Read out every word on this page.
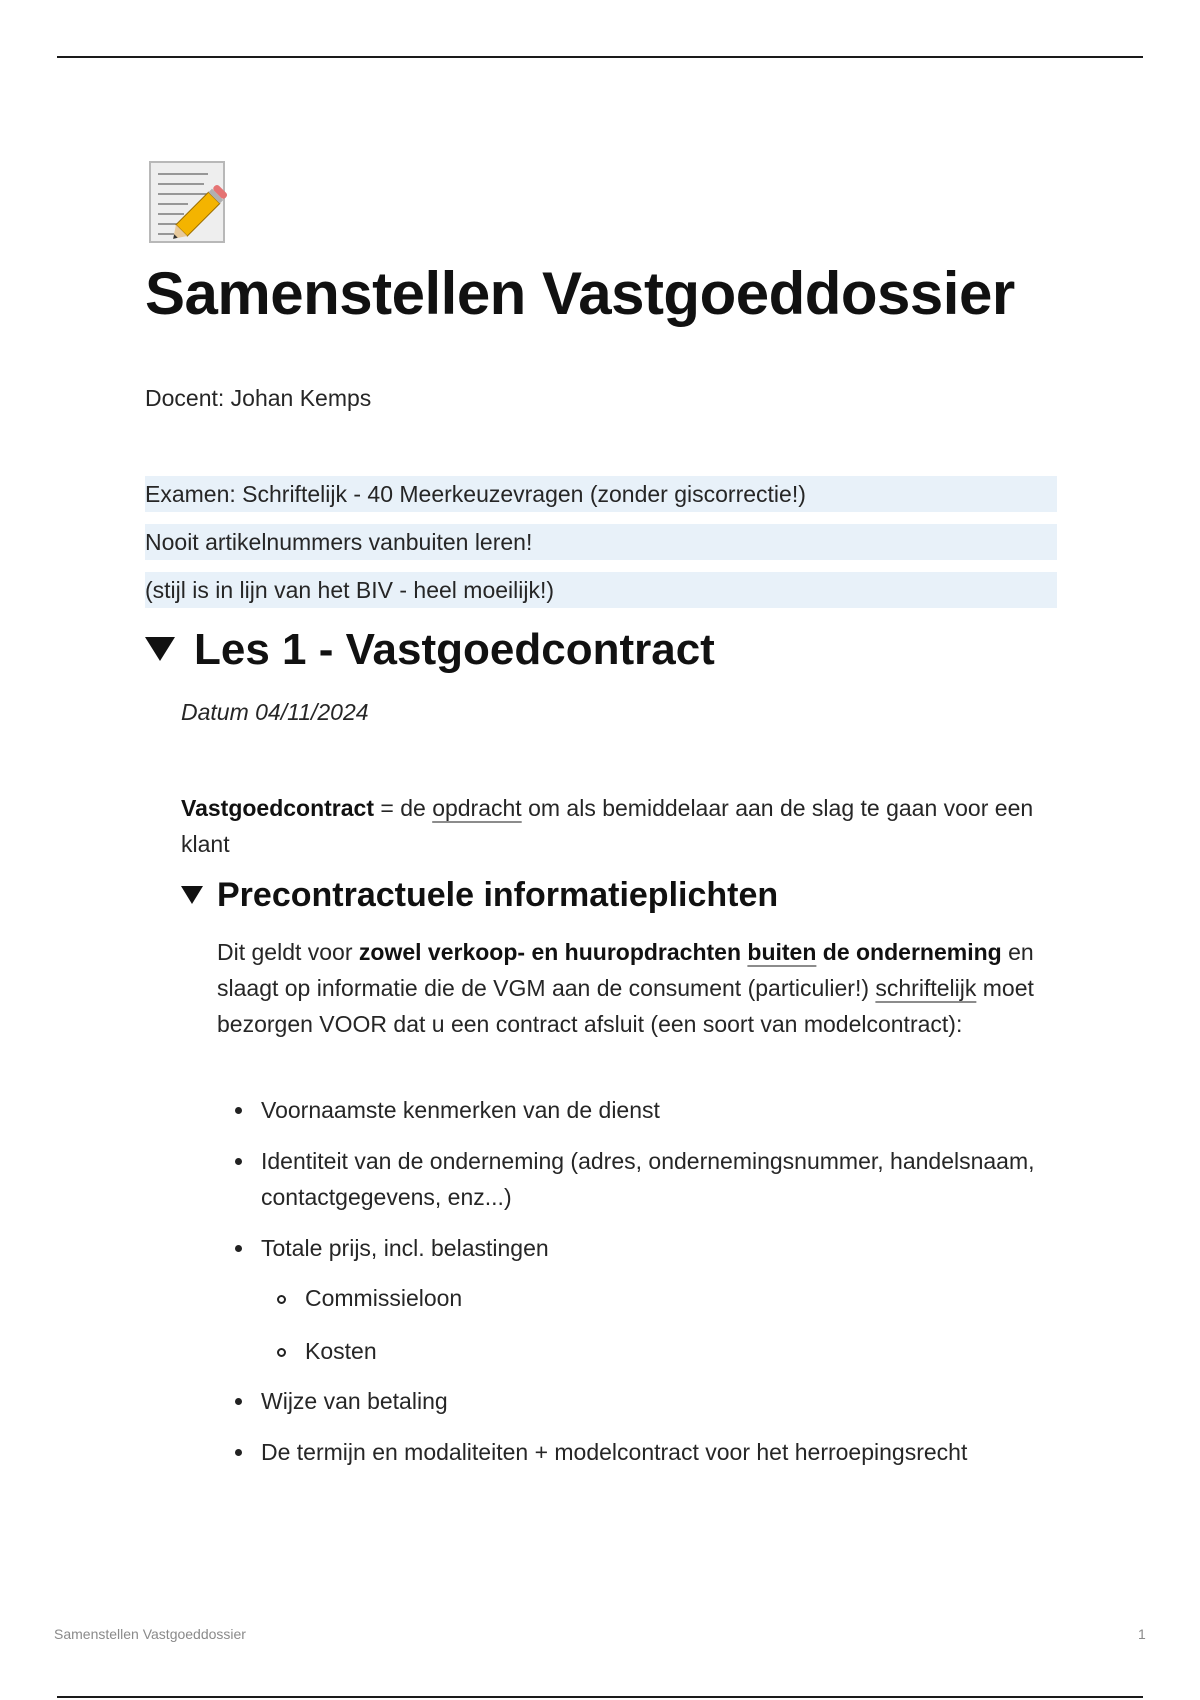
Samenstellen Vastgoeddossier
Docent: Johan Kemps
Examen: Schriftelijk - 40 Meerkeuzevragen (zonder giscorrectie!)
Nooit artikelnummers vanbuiten leren!
(stijl is in lijn van het BIV - heel moeilijk!)
Les 1 - Vastgoedcontract
Datum 04/11/2024
Vastgoedcontract = de opdracht om als bemiddelaar aan de slag te gaan voor een klant
Precontractuele informatieplichten
Dit geldt voor zowel verkoop- en huuropdrachten buiten de onderneming en slaagt op informatie die de VGM aan de consument (particulier!) schriftelijk moet bezorgen VOOR dat u een contract afsluit (een soort van modelcontract):
Voornaamste kenmerken van de dienst
Identiteit van de onderneming (adres, ondernemingsnummer, handelsnaam, contactgegevens, enz...)
Totale prijs, incl. belastingen
Commissieloon
Kosten
Wijze van betaling
De termijn en modaliteiten + modelcontract voor het herroepingsrecht
Samenstellen Vastgoeddossier	1
